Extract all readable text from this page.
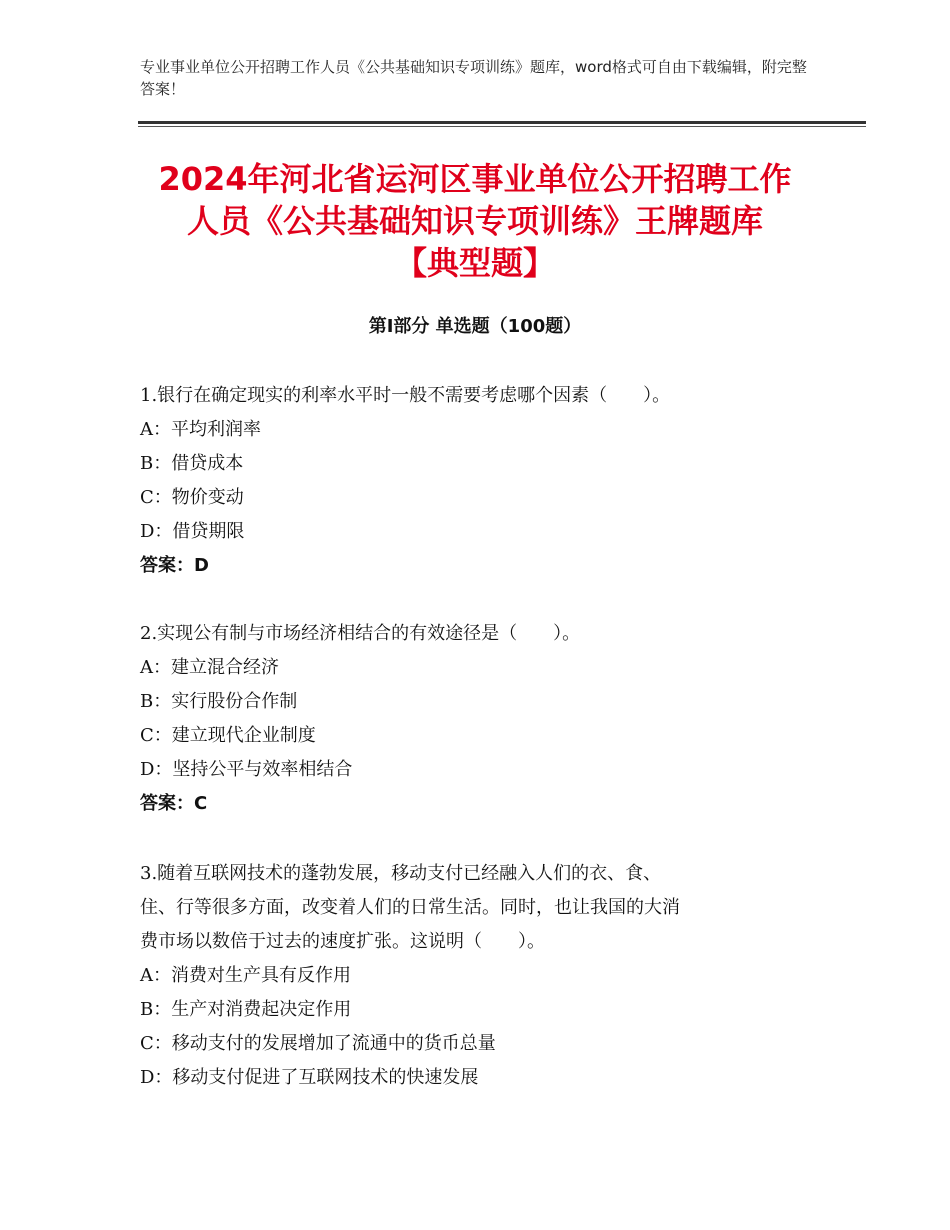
专业事业单位公开招聘工作人员《公共基础知识专项训练》题库，word格式可自由下载编辑，附完整答案！
2024年河北省运河区事业单位公开招聘工作
人员《公共基础知识专项训练》王牌题库
【典型题】
第Ⅰ部分 单选题（100题）
1.银行在确定现实的利率水平时一般不需要考虑哪个因素（　　）。
A：平均利润率
B：借贷成本
C：物价变动
D：借贷期限
答案：D
2.实现公有制与市场经济相结合的有效途径是（　　）。
A：建立混合经济
B：实行股份合作制
C：建立现代企业制度
D：坚持公平与效率相结合
答案：C
3.随着互联网技术的蓬勃发展，移动支付已经融入人们的衣、食、
住、行等很多方面，改变着人们的日常生活。同时，也让我国的大消
费市场以数倍于过去的速度扩张。这说明（　　）。
A：消费对生产具有反作用
B：生产对消费起决定作用
C：移动支付的发展增加了流通中的货币总量
D：移动支付促进了互联网技术的快速发展
